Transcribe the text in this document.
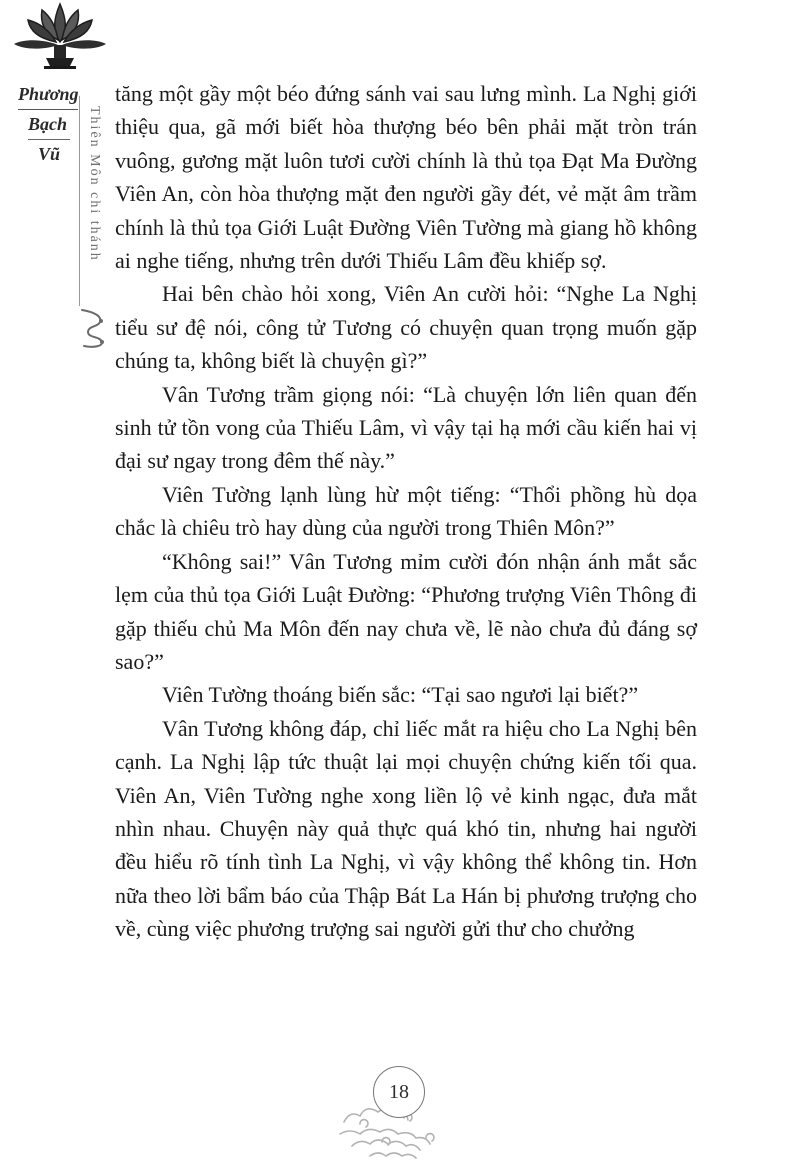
Phương
Bạch
Vũ	Thiên Môn chi thánh

tăng một gầy một béo đứng sánh vai sau lưng mình. La Nghị giới thiệu qua, gã mới biết hòa thượng béo bên phải mặt tròn trán vuông, gương mặt luôn tươi cười chính là thủ tọa Đạt Ma Đường Viên An, còn hòa thượng mặt đen người gầy đét, vẻ mặt âm trầm chính là thủ tọa Giới Luật Đường Viên Tường mà giang hồ không ai nghe tiếng, nhưng trên dưới Thiếu Lâm đều khiếp sợ.

Hai bên chào hỏi xong, Viên An cười hỏi: “Nghe La Nghị tiểu sư đệ nói, công tử Tương có chuyện quan trọng muốn gặp chúng ta, không biết là chuyện gì?”

Vân Tương trầm giọng nói: “Là chuyện lớn liên quan đến sinh tử tồn vong của Thiếu Lâm, vì vậy tại hạ mới cầu kiến hai vị đại sư ngay trong đêm thế này.”

Viên Tường lạnh lùng hừ một tiếng: “Thổi phồng hù dọa chắc là chiêu trò hay dùng của người trong Thiên Môn?”

“Không sai!” Vân Tương mỉm cười đón nhận ánh mắt sắc lẹm của thủ tọa Giới Luật Đường: “Phương trượng Viên Thông đi gặp thiếu chủ Ma Môn đến nay chưa về, lẽ nào chưa đủ đáng sợ sao?”

Viên Tường thoáng biến sắc: “Tại sao ngươi lại biết?”

Vân Tương không đáp, chỉ liếc mắt ra hiệu cho La Nghị bên cạnh. La Nghị lập tức thuật lại mọi chuyện chứng kiến tối qua. Viên An, Viên Tường nghe xong liền lộ vẻ kinh ngạc, đưa mắt nhìn nhau. Chuyện này quả thực quá khó tin, nhưng hai người đều hiểu rõ tính tình La Nghị, vì vậy không thể không tin. Hơn nữa theo lời bẩm báo của Thập Bát La Hán bị phương trượng cho về, cùng việc phương trượng sai người gửi thư cho chưởng

18
